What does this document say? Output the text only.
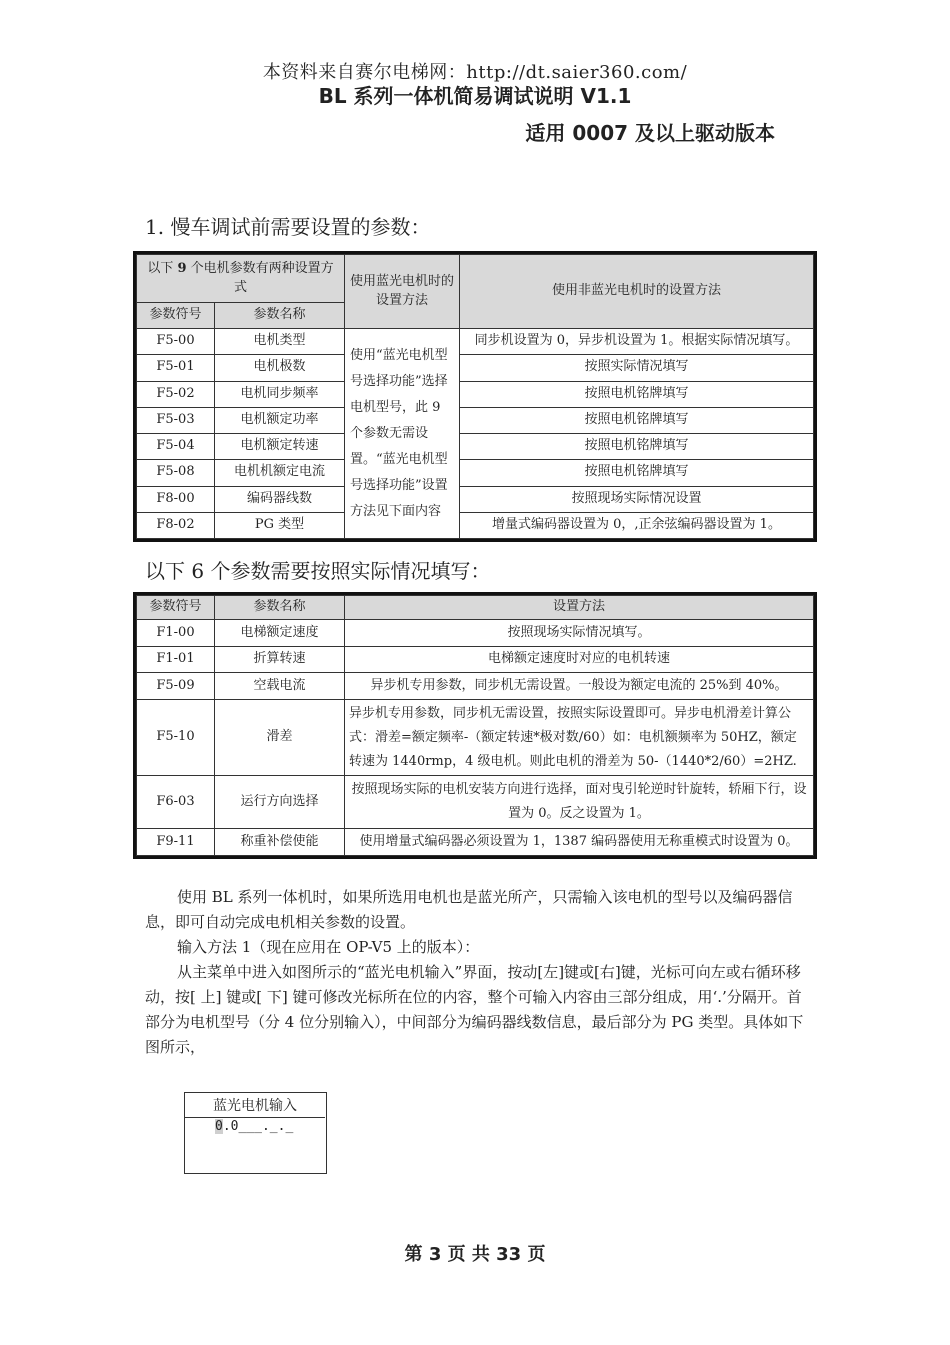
本资料来自赛尔电梯网：http://dt.saier360.com/
BL 系列一体机简易调试说明 V1.1
适用 0007 及以上驱动版本
1. 慢车调试前需要设置的参数：
以下 9 个电机参数有两种设置方式		使用蓝光电机时的设置方法	使用非蓝光电机时的设置方法
参数符号	参数名称		
F5-00	电机类型	使用“蓝光电机型号选择功能”选择电机型号，此 9 个参数无需设置。“蓝光电机型号选择功能”设置方法见下面内容	同步机设置为 0，异步机设置为 1。根据实际情况填写。
F5-01	电机极数		按照实际情况填写
F5-02	电机同步频率		按照电机铭牌填写
F5-03	电机额定功率		按照电机铭牌填写
F5-04	电机额定转速		按照电机铭牌填写
F5-08	电机机额定电流		按照电机铭牌填写
F8-00	编码器线数		按照现场实际情况设置
F8-02	PG 类型		增量式编码器设置为 0，,正余弦编码器设置为 1。
以下 6 个参数需要按照实际情况填写：
参数符号	参数名称	设置方法
F1-00	电梯额定速度	按照现场实际情况填写。
F1-01	折算转速	电梯额定速度时对应的电机转速
F5-09	空载电流	异步机专用参数，同步机无需设置。一般设为额定电流的 25%到 40%。
F5-10	滑差	异步机专用参数，同步机无需设置，按照实际设置即可。异步电机滑差计算公式：滑差=额定频率-（额定转速*极对数/60）如：电机额频率为 50HZ，额定转速为 1440rmp，4 级电机。则此电机的滑差为 50-（1440*2/60）=2HZ.
F6-03	运行方向选择	按照现场实际的电机安装方向进行选择，面对曳引轮逆时针旋转，轿厢下行，设置为 0。反之设置为 1。
F9-11	称重补偿使能	使用增量式编码器必须设置为 1，1387 编码器使用无称重模式时设置为 0。
使用 BL 系列一体机时，如果所选用电机也是蓝光所产，只需输入该电机的型号以及编码器信息，即可自动完成电机相关参数的设置。
输入方法 1（现在应用在 OP-V5 上的版本）：
从主菜单中进入如图所示的“蓝光电机输入”界面，按动[左]键或[右]键，光标可向左或右循环移动，按[ 上] 键或[ 下] 键可修改光标所在位的内容，整个可输入内容由三部分组成，用‘.’分隔开。首部分为电机型号（分 4 位分别输入），中间部分为编码器线数信息，最后部分为 PG 类型。具体如下图所示，
蓝光电机输入
0.0___._._
第 3 页 共 33 页
